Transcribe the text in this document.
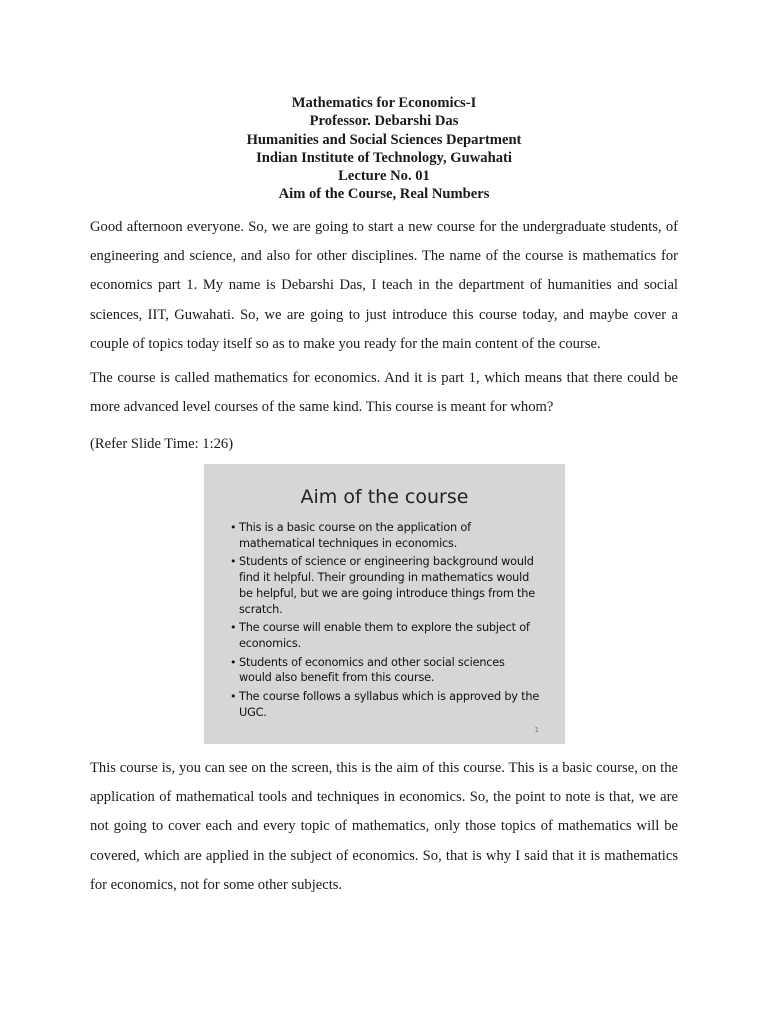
Mathematics for Economics-I
Professor. Debarshi Das
Humanities and Social Sciences Department
Indian Institute of Technology, Guwahati
Lecture No. 01
Aim of the Course, Real Numbers

Good afternoon everyone. So, we are going to start a new course for the undergraduate students, of engineering and science, and also for other disciplines. The name of the course is mathematics for economics part 1. My name is Debarshi Das, I teach in the department of humanities and social sciences, IIT, Guwahati. So, we are going to just introduce this course today, and maybe cover a couple of topics today itself so as to make you ready for the main content of the course.

The course is called mathematics for economics. And it is part 1, which means that there could be more advanced level courses of the same kind. This course is meant for whom?

(Refer Slide Time: 1:26)
Aim of the course
• This is a basic course on the application of mathematical techniques in economics.
• Students of science or engineering background would find it helpful. Their grounding in mathematics would be helpful, but we are going introduce things from the scratch.
• The course will enable them to explore the subject of economics.
• Students of economics and other social sciences would also benefit from this course.
• The course follows a syllabus which is approved by the UGC.
1

This course is, you can see on the screen, this is the aim of this course. This is a basic course, on the application of mathematical tools and techniques in economics. So, the point to note is that, we are not going to cover each and every topic of mathematics, only those topics of mathematics will be covered, which are applied in the subject of economics. So, that is why I said that it is mathematics for economics, not for some other subjects.
